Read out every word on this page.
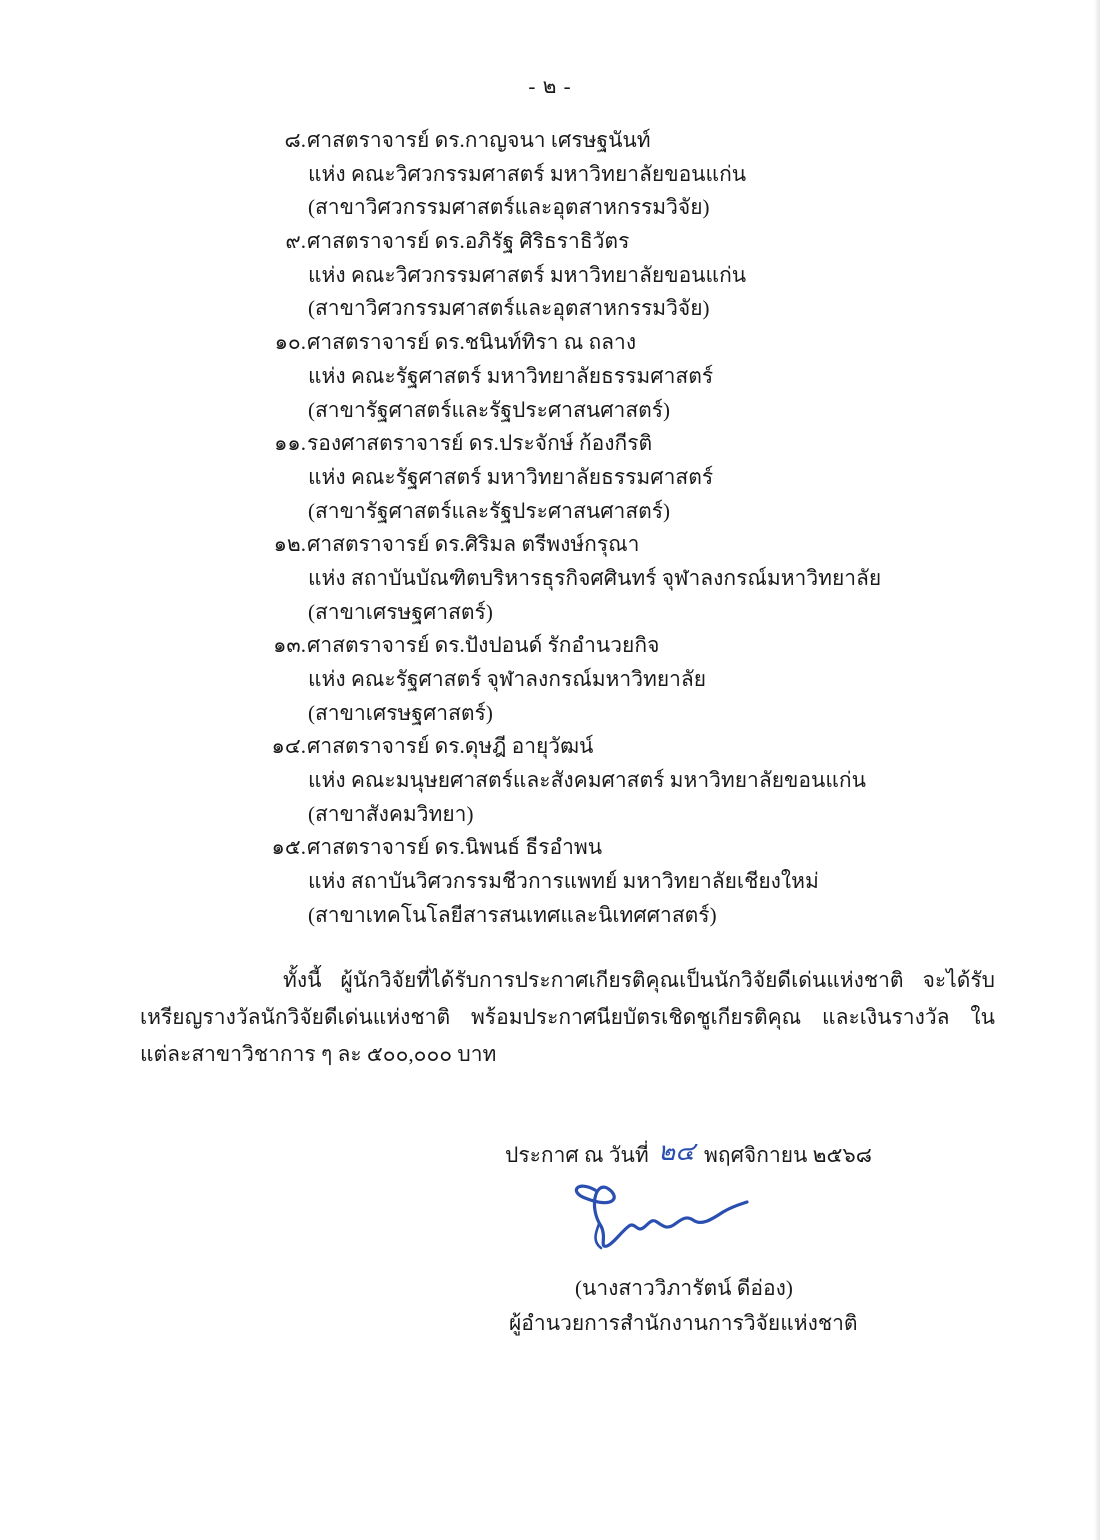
- ๒ -
๘. ศาสตราจารย์ ดร.กาญจนา เศรษฐนันท์
แห่ง คณะวิศวกรรมศาสตร์ มหาวิทยาลัยขอนแก่น
(สาขาวิศวกรรมศาสตร์และอุตสาหกรรมวิจัย)
๙. ศาสตราจารย์ ดร.อภิรัฐ ศิริธราธิวัตร
แห่ง คณะวิศวกรรมศาสตร์ มหาวิทยาลัยขอนแก่น
(สาขาวิศวกรรมศาสตร์และอุตสาหกรรมวิจัย)
๑๐. ศาสตราจารย์ ดร.ชนินท์ทิรา ณ ถลาง
แห่ง คณะรัฐศาสตร์ มหาวิทยาลัยธรรมศาสตร์
(สาขารัฐศาสตร์และรัฐประศาสนศาสตร์)
๑๑. รองศาสตราจารย์ ดร.ประจักษ์ ก้องกีรติ
แห่ง คณะรัฐศาสตร์ มหาวิทยาลัยธรรมศาสตร์
(สาขารัฐศาสตร์และรัฐประศาสนศาสตร์)
๑๒. ศาสตราจารย์ ดร.ศิริมล ตรีพงษ์กรุณา
แห่ง สถาบันบัณฑิตบริหารธุรกิจศศินทร์ จุฬาลงกรณ์มหาวิทยาลัย
(สาขาเศรษฐศาสตร์)
๑๓. ศาสตราจารย์ ดร.ปังปอนด์ รักอำนวยกิจ
แห่ง คณะรัฐศาสตร์ จุฬาลงกรณ์มหาวิทยาลัย
(สาขาเศรษฐศาสตร์)
๑๔. ศาสตราจารย์ ดร.ดุษฎี อายุวัฒน์
แห่ง คณะมนุษยศาสตร์และสังคมศาสตร์ มหาวิทยาลัยขอนแก่น
(สาขาสังคมวิทยา)
๑๕. ศาสตราจารย์ ดร.นิพนธ์ ธีรอำพน
แห่ง สถาบันวิศวกรรมชีวการแพทย์ มหาวิทยาลัยเชียงใหม่
(สาขาเทคโนโลยีสารสนเทศและนิเทศศาสตร์)

ทั้งนี้ ผู้นักวิจัยที่ได้รับการประกาศเกียรติคุณเป็นนักวิจัยดีเด่นแห่งชาติ จะได้รับเหรียญรางวัลนักวิจัยดีเด่นแห่งชาติ พร้อมประกาศนียบัตรเชิดชูเกียรติคุณ และเงินรางวัล ในแต่ละสาขาวิชาการ ๆ ละ ๕๐๐,๐๐๐ บาท

ประกาศ ณ วันที่ ๒๔ พฤศจิกายน ๒๕๖๘
(นางสาววิภารัตน์ ดีอ่อง)
ผู้อำนวยการสำนักงานการวิจัยแห่งชาติ
